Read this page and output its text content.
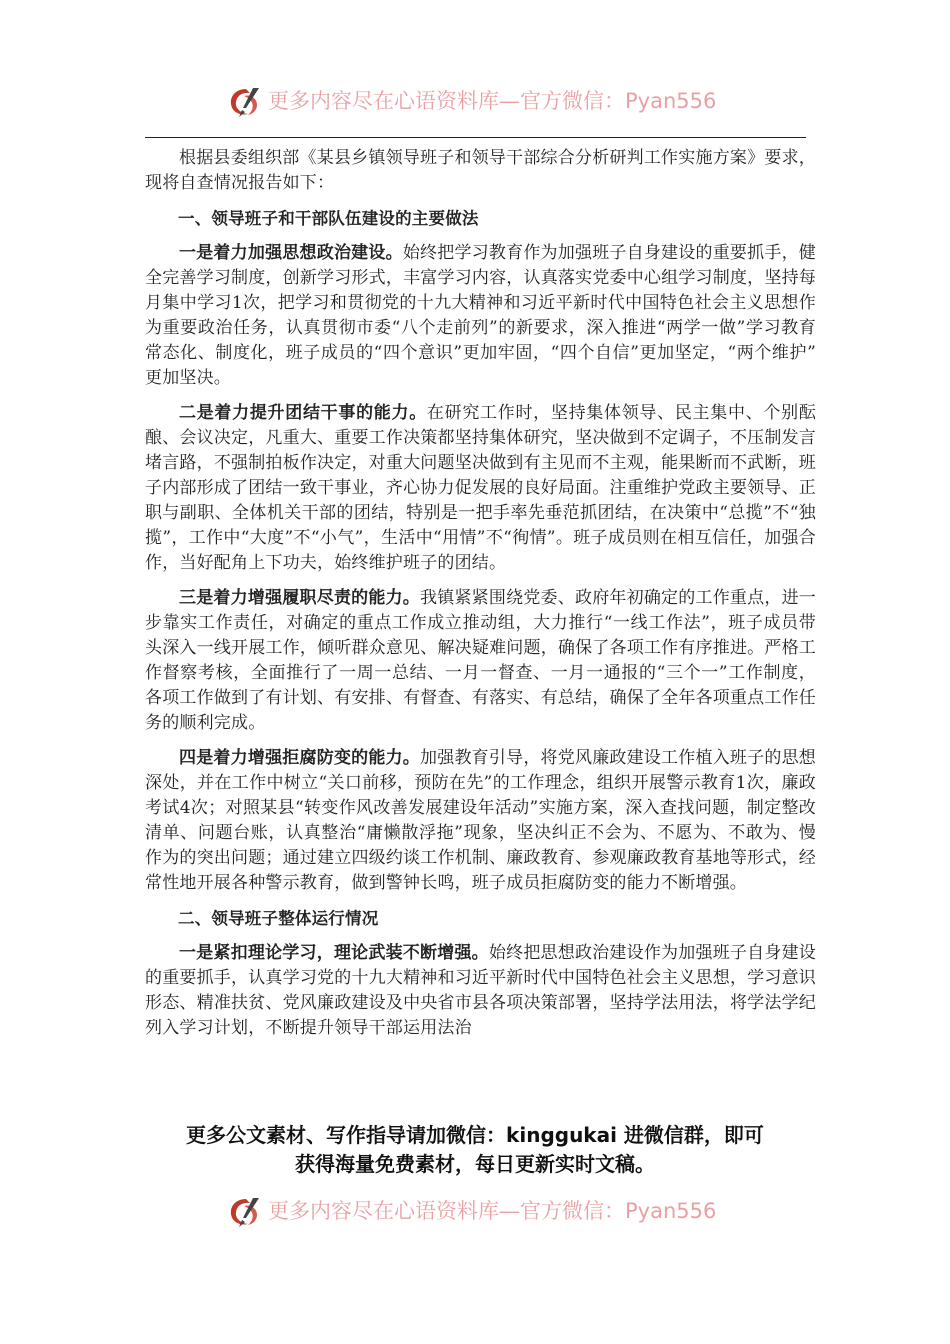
更多内容尽在心语资料库—官方微信：Pyan556

根据县委组织部《某县乡镇领导班子和领导干部综合分析研判工作实施方案》要求，现将自查情况报告如下：

一、领导班子和干部队伍建设的主要做法

一是着力加强思想政治建设。始终把学习教育作为加强班子自身建设的重要抓手，健全完善学习制度，创新学习形式，丰富学习内容，认真落实党委中心组学习制度，坚持每月集中学习1次，把学习和贯彻党的十九大精神和习近平新时代中国特色社会主义思想作为重要政治任务，认真贯彻市委“八个走前列”的新要求，深入推进“两学一做”学习教育常态化、制度化，班子成员的“四个意识”更加牢固，“四个自信”更加坚定，“两个维护”　更加坚决。

二是着力提升团结干事的能力。在研究工作时，坚持集体领导、民主集中、个别酝酿、会议决定，凡重大、重要工作决策都坚持集体研究，坚决做到不定调子，不压制发言堵言路，不强制拍板作决定，对重大问题坚决做到有主见而不主观，能果断而不武断，班子内部形成了团结一致干事业，齐心协力促发展的良好局面。注重维护党政主要领导、正职与副职、全体机关干部的团结，特别是一把手率先垂范抓团结，在决策中“总揽”不“独揽”，工作中“大度”不“小气”，生活中“用情”不“徇情”。班子成员则在相互信任，加强合作，当好配角上下功夫，始终维护班子的团结。

三是着力增强履职尽责的能力。我镇紧紧围绕党委、政府年初确定的工作重点，进一步靠实工作责任，对确定的重点工作成立推动组，大力推行“一线工作法”，班子成员带头深入一线开展工作，倾听群众意见、解决疑难问题，确保了各项工作有序推进。严格工作督察考核，全面推行了一周一总结、一月一督查、一月一通报的“三个一”工作制度，各项工作做到了有计划、有安排、有督查、有落实、有总结，确保了全年各项重点工作任务的顺利完成。

四是着力增强拒腐防变的能力。加强教育引导，将党风廉政建设工作植入班子的思想深处，并在工作中树立“关口前移，预防在先”的工作理念，组织开展警示教育1次，廉政考试4次；对照某县“转变作风改善发展建设年活动”实施方案，深入查找问题，制定整改清单、问题台账，认真整治“庸懒散浮拖”现象，坚决纠正不会为、不愿为、不敢为、慢作为的突出问题；通过建立四级约谈工作机制、廉政教育、参观廉政教育基地等形式，经常性地开展各种警示教育，做到警钟长鸣，班子成员拒腐防变的能力不断增强。

二、领导班子整体运行情况

一是紧扣理论学习，理论武装不断增强。始终把思想政治建设作为加强班子自身建设的重要抓手，认真学习党的十九大精神和习近平新时代中国特色社会主义思想，学习意识形态、精准扶贫、党风廉政建设及中央省市县各项决策部署，坚持学法用法，将学法学纪列入学习计划，不断提升领导干部运用法治

更多公文素材、写作指导请加微信：kinggukai 进微信群，即可
获得海量免费素材，每日更新实时文稿。
更多内容尽在心语资料库—官方微信：Pyan556
